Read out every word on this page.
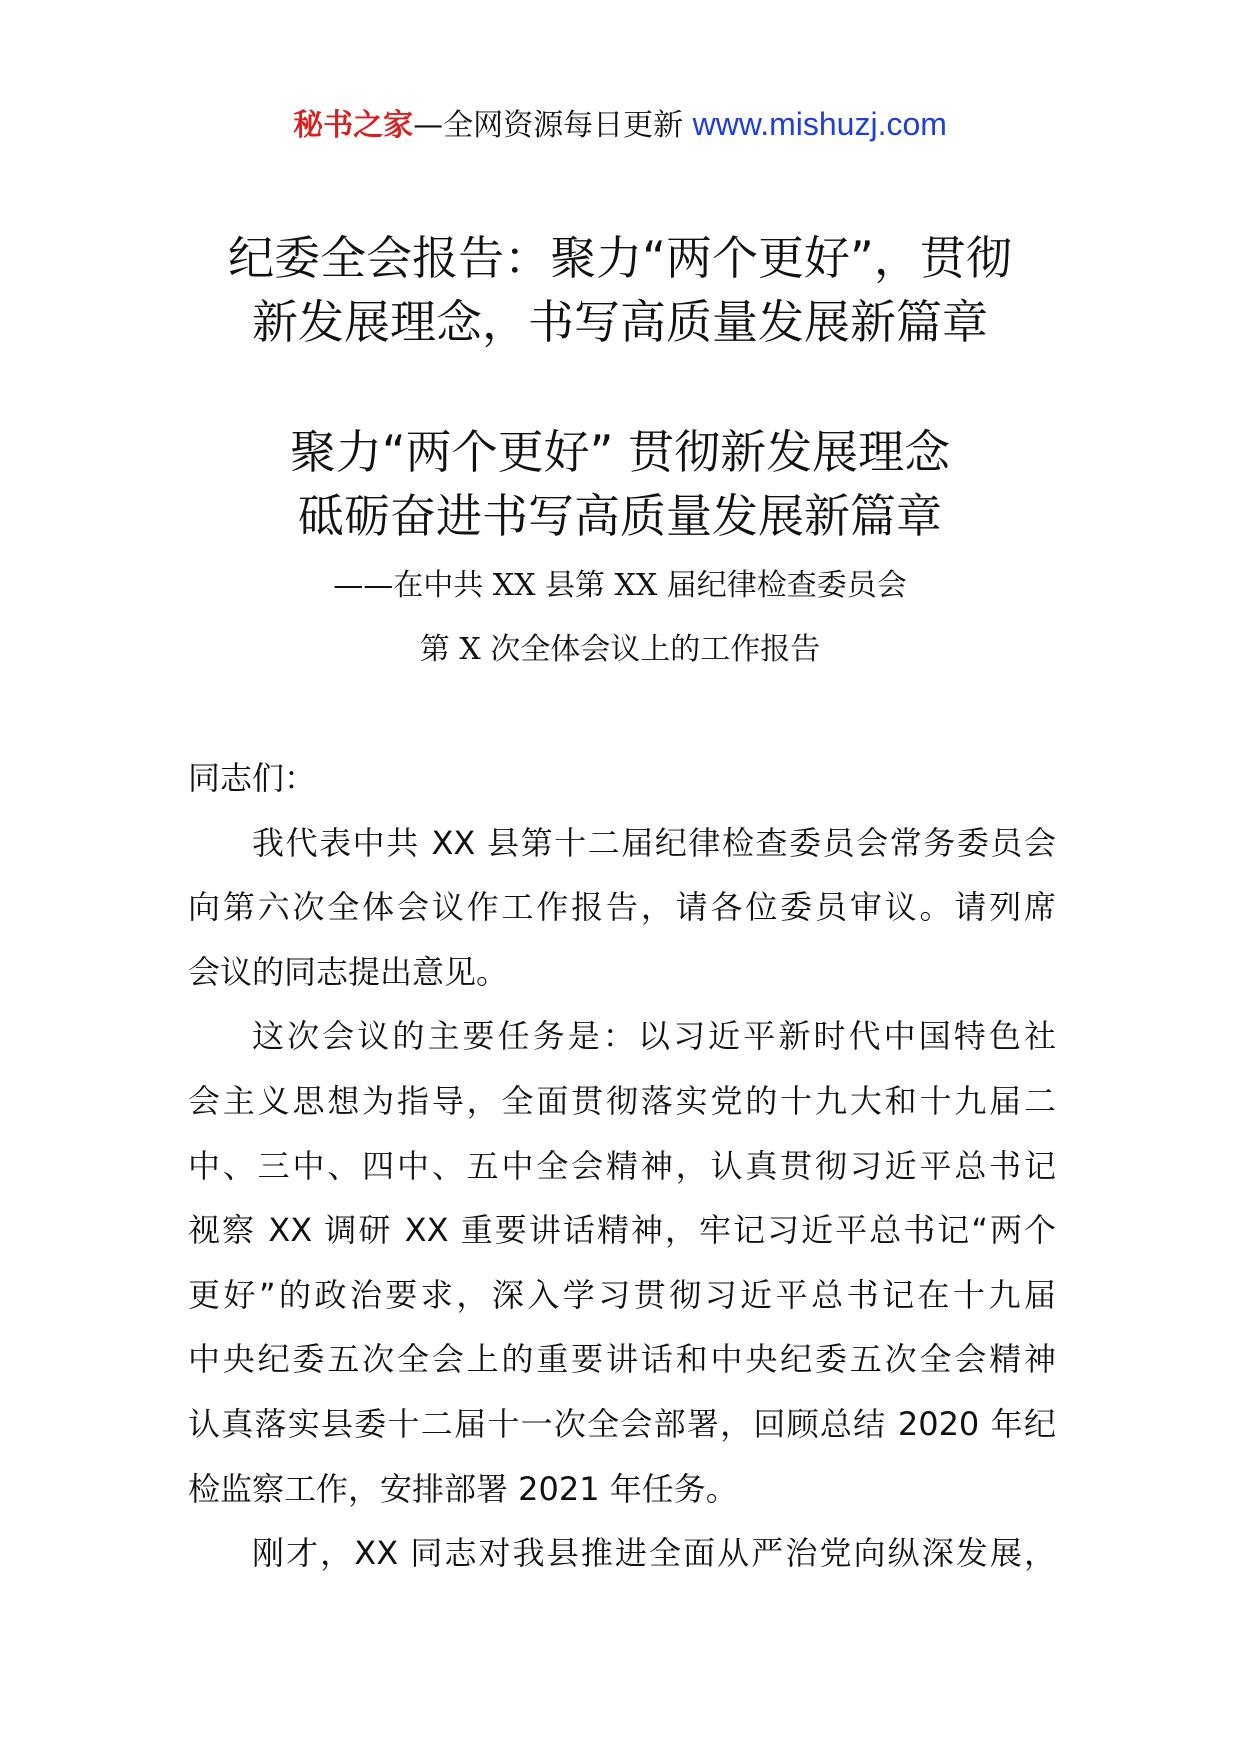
秘书之家—全网资源每日更新 www.mishuzj.com
纪委全会报告：聚力“两个更好”，贯彻
新发展理念，书写高质量发展新篇章
聚力“两个更好” 贯彻新发展理念
砥砺奋进书写高质量发展新篇章
——在中共 XX 县第 XX 届纪律检查委员会
第 X 次全体会议上的工作报告
同志们：
我代表中共 XX 县第十二届纪律检查委员会常务委员会
向第六次全体会议作工作报告，请各位委员审议。请列席
会议的同志提出意见。
这次会议的主要任务是：以习近平新时代中国特色社
会主义思想为指导，全面贯彻落实党的十九大和十九届二
中、三中、四中、五中全会精神，认真贯彻习近平总书记
视察 XX 调研 XX 重要讲话精神，牢记习近平总书记“两个
更好”的政治要求，深入学习贯彻习近平总书记在十九届
中央纪委五次全会上的重要讲话和中央纪委五次全会精神
认真落实县委十二届十一次全会部署，回顾总结 2020 年纪
检监察工作，安排部署 2021 年任务。
刚才，XX 同志对我县推进全面从严治党向纵深发展，
